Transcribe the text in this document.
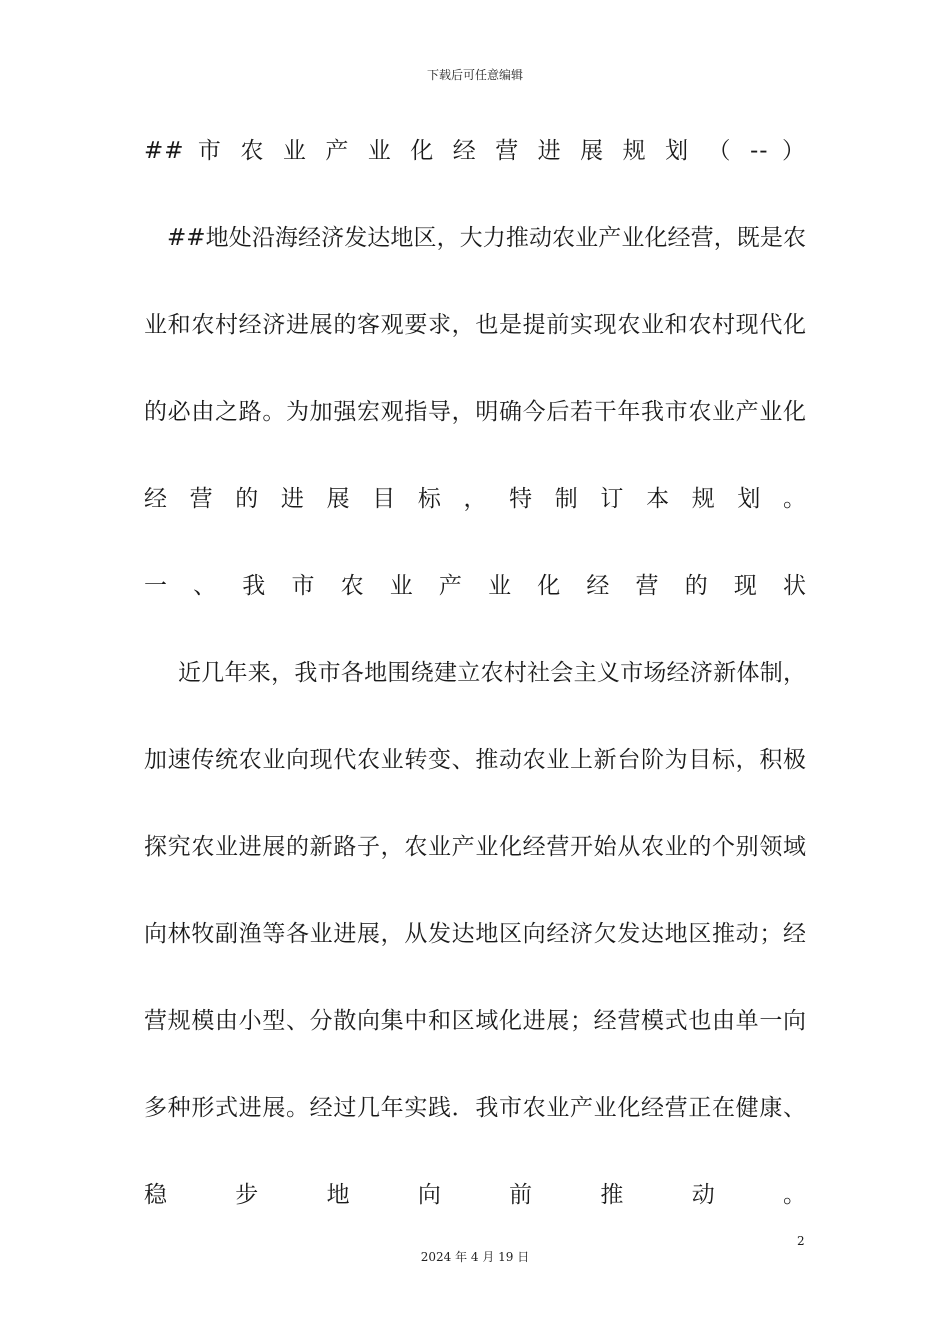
下载后可任意编辑
## 市 农 业 产 业 化 经 营 进 展 规 划 （ -- ）
##地处沿海经济发达地区，大力推动农业产业化经营，既是农
业和农村经济进展的客观要求，也是提前实现农业和农村现代化
的必由之路。为加强宏观指导，明确今后若干年我市农业产业化
经 营 的 进 展 目 标 ， 特 制 订 本 规 划 。
一 、 我 市 农 业 产 业 化 经 营 的 现 状
近几年来，我市各地围绕建立农村社会主义市场经济新体制，
加速传统农业向现代农业转变、推动农业上新台阶为目标，积极
探究农业进展的新路子，农业产业化经营开始从农业的个别领域
向林牧副渔等各业进展，从发达地区向经济欠发达地区推动；经
营规模由小型、分散向集中和区域化进展；经营模式也由单一向
多种形式进展。经过几年实践．我市农业产业化经营正在健康、
稳 步 地 向 前 推 动 。
2
2024 年 4 月 19 日
